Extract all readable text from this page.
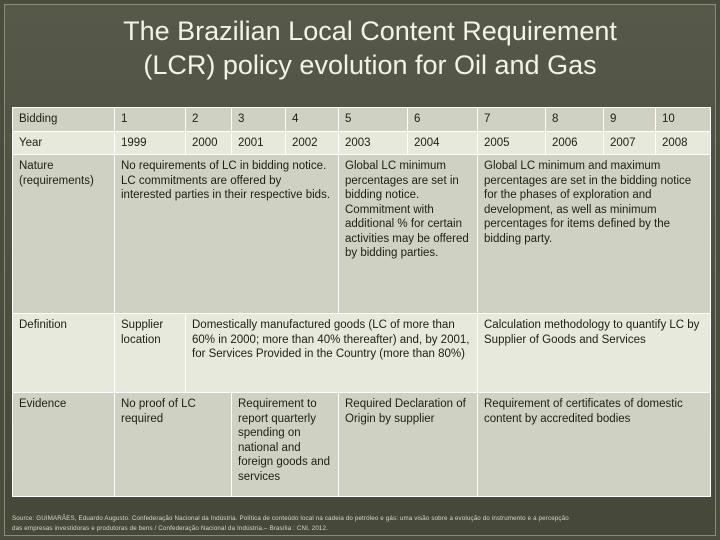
The Brazilian Local Content Requirement
(LCR) policy evolution for Oil and Gas
Bidding	1	2	3	4	5	6	7	8	9	10
Year	1999	2000	2001	2002	2003	2004	2005	2006	2007	2008
Nature (requirements)	No requirements of LC in bidding notice. LC commitments are offered by interested parties in their respective bids.				Global LC minimum percentages are set in bidding notice. Commitment with additional % for certain activities may be offered by bidding parties.		Global LC minimum and maximum percentages are set in the bidding notice for the phases of exploration and development, as well as minimum percentages for items defined by the bidding party.			
Definition	Supplier location	Domestically manufactured goods (LC of more than 60% in 2000; more than 40% thereafter) and, by 2001, for Services Provided in the Country (more than 80%)					Calculation methodology to quantify LC by Supplier of Goods and Services			
Evidence	No proof of LC required		Requirement to report quarterly spending on national and foreign goods and services		Required Declaration of Origin by supplier		Requirement of certificates of domestic content by accredited bodies			
Source: GUIMARÃES, Eduardo Augusto. Confederação Nacional da Indústria. Política de conteúdo local na cadeia do petróleo e gás: uma visão sobre a evolução do instrumento e a percepção
das empresas investidoras e produtoras de bens / Confederação Nacional da Indústria.– Brasília : CNI, 2012.
